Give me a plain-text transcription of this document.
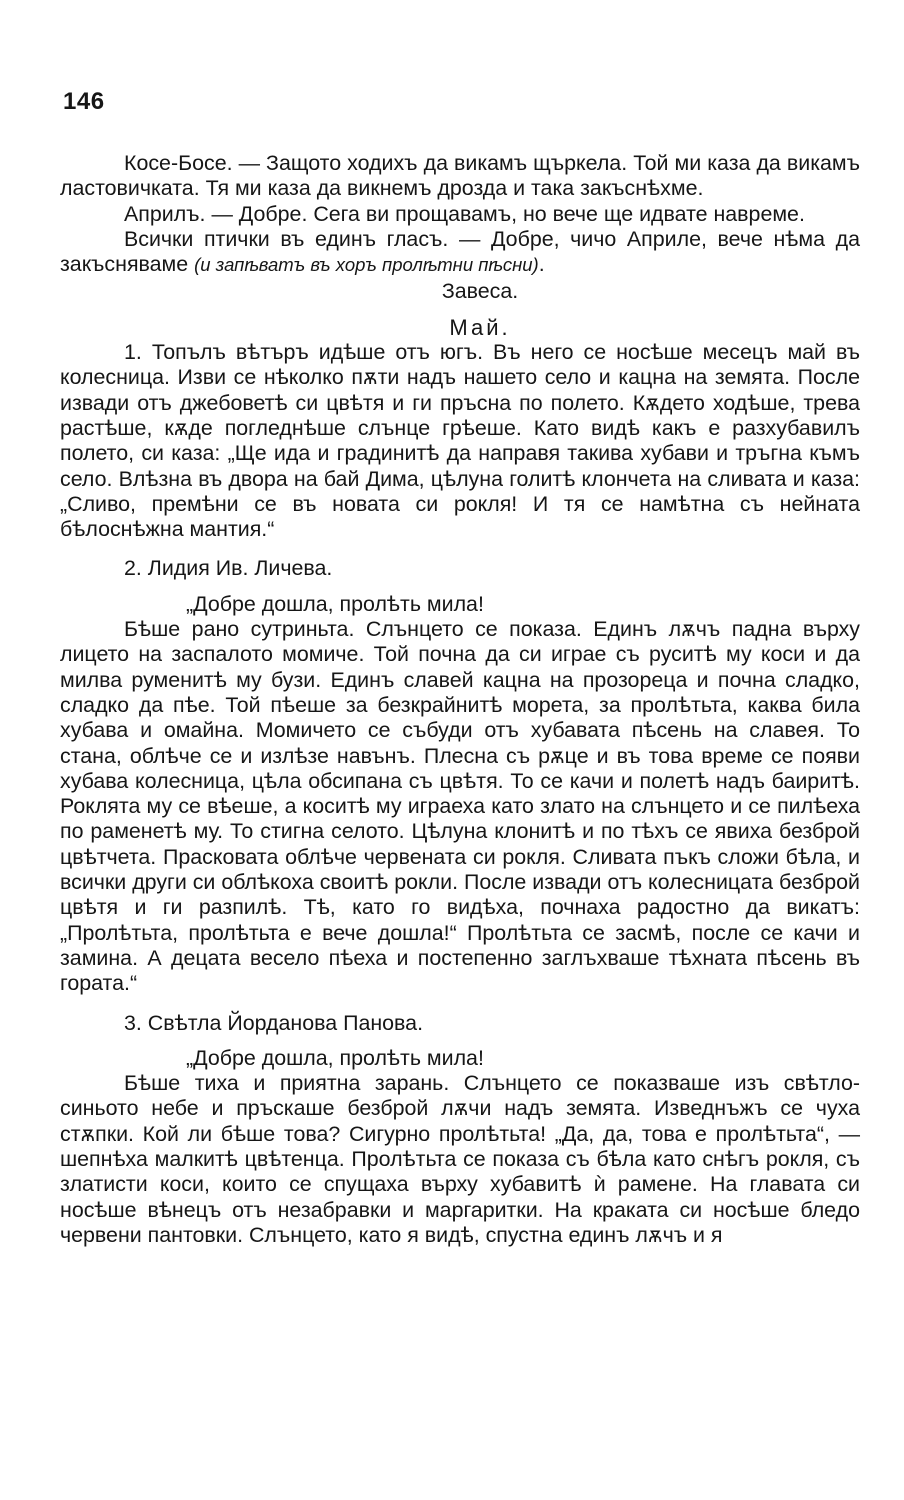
146

Косе-Босе. — Защото ходихъ да викамъ щъркела. Той ми каза да викамъ ластовичката. Тя ми каза да викнемъ дрозда и така закъснѣхме.

Априлъ. — Добре. Сега ви прощавамъ, но вече ще идвате навреме.

Всички птички въ единъ гласъ. — Добре, чичо Априле, вече нѣма да закъсняваме (и запѣватъ въ хоръ пролѣтни пѣсни).

Завеса.

Май.

1. Топълъ вѣтъръ идѣше отъ югъ. Въ него се носѣше месецъ май въ колесница. Изви се нѣколко пѫти надъ нашето село и кацна на земята. После извади отъ джебоветѣ си цвѣтя и ги пръсна по полето. Кѫдето ходѣше, трева растѣше, кѫде погледнѣше слънце грѣеше. Като видѣ какъ е разхубавилъ полето, си каза: „Ще ида и градинитѣ да направя такива хубави и тръгна къмъ село. Влѣзна въ двора на бай Дима, цѣлуна голитѣ клончета на сливата и каза: „Сливо, премѣни се въ новата си рокля! И тя се намѣтна съ нейната бѣлоснѣжна мантия.“

2. Лидия Ив. Личева.

„Добре дошла, пролѣть мила!

Бѣше рано сутриньта. Слънцето се показа. Единъ лѫчъ падна върху лицето на заспалото момиче. Той почна да си играе съ руситѣ му коси и да милва руменитѣ му бузи. Единъ славей кацна на прозореца и почна сладко, сладко да пѣе. Той пѣеше за безкрайнитѣ морета, за пролѣтьта, каква била хубава и омайна. Момичето се събуди отъ хубавата пѣсень на славея. То стана, облѣче се и излѣзе навънъ. Плесна съ рѫце и въ това време се появи хубава колесница, цѣла обсипана съ цвѣтя. То се качи и полетѣ надъ баиритѣ. Роклята му се вѣеше, а коситѣ му играеха като злато на слънцето и се пилѣеха по раменетѣ му. То стигна селото. Цѣлуна клонитѣ и по тѣхъ се явиха безброй цвѣтчета. Прасковата облѣче червената си рокля. Сливата пъкъ сложи бѣла, и всички други си облѣкоха своитѣ рокли. После извади отъ колесницата безброй цвѣтя и ги разпилѣ. Тѣ, като го видѣха, почнаха радостно да викатъ: „Пролѣтьта, пролѣтьта е вече дошла!“ Пролѣтьта се засмѣ, после се качи и замина. А децата весело пѣеха и постепенно заглъхваше тѣхната пѣсень въ гората.“

3. Свѣтла Йорданова Панова.

„Добре дошла, пролѣть мила!

Бѣше тиха и приятна зарань. Слънцето се показваше изъ свѣтло-синьото небе и пръскаше безброй лѫчи надъ земята. Изведнъжъ се чуха стѫпки. Кой ли бѣше това? Сигурно пролѣтьта! „Да, да, това е пролѣтьта“, — шепнѣха малкитѣ цвѣтенца. Пролѣтьта се показа съ бѣла като снѣгъ рокля, съ златисти коси, които се спущаха върху хубавитѣ ѝ рамене. На главата си носѣше вѣнецъ отъ незабравки и маргаритки. На краката си носѣше бледо червени пантовки. Слънцето, като я видѣ, спустна единъ лѫчъ и я
